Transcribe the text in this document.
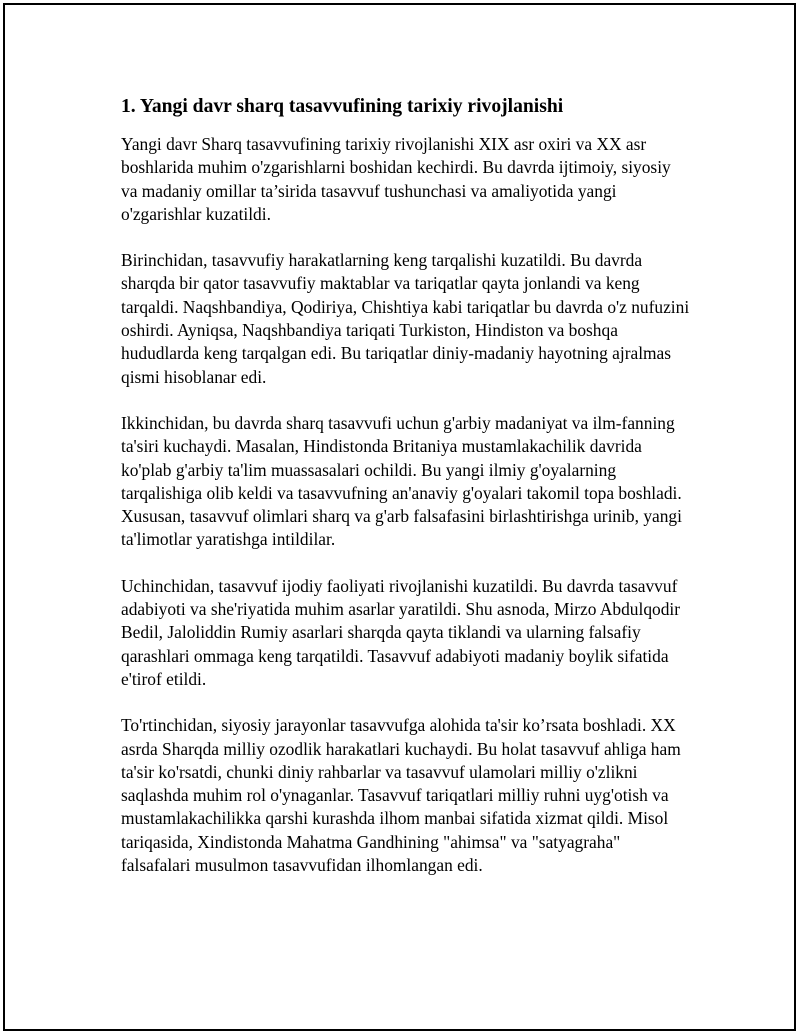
1. Yangi davr sharq tasavvufining tarixiy rivojlanishi

Yangi davr Sharq tasavvufining tarixiy rivojlanishi XIX asr oxiri va XX asr boshlarida muhim o'zgarishlarni boshidan kechirdi. Bu davrda ijtimoiy, siyosiy va madaniy omillar ta’sirida tasavvuf tushunchasi va amaliyotida yangi o'zgarishlar kuzatildi.

Birinchidan, tasavvufiy harakatlarning keng tarqalishi kuzatildi. Bu davrda sharqda bir qator tasavvufiy maktablar va tariqatlar qayta jonlandi va keng tarqaldi. Naqshbandiya, Qodiriya, Chishtiya kabi tariqatlar bu davrda o'z nufuzini oshirdi. Ayniqsa, Naqshbandiya tariqati Turkiston, Hindiston va boshqa hududlarda keng tarqalgan edi. Bu tariqatlar diniy-madaniy hayotning ajralmas qismi hisoblanar edi.

Ikkinchidan, bu davrda sharq tasavvufi uchun g'arbiy madaniyat va ilm-fanning ta'siri kuchaydi. Masalan, Hindistonda Britaniya mustamlakachilik davrida ko'plab g'arbiy ta'lim muassasalari ochildi. Bu yangi ilmiy g'oyalarning tarqalishiga olib keldi va tasavvufning an'anaviy g'oyalari takomil topa boshladi. Xususan, tasavvuf olimlari sharq va g'arb falsafasini birlashtirishga urinib, yangi ta'limotlar yaratishga intildilar.

Uchinchidan, tasavvuf ijodiy faoliyati rivojlanishi kuzatildi. Bu davrda tasavvuf adabiyoti va she'riyatida muhim asarlar yaratildi. Shu asnoda, Mirzo Abdulqodir Bedil, Jaloliddin Rumiy asarlari sharqda qayta tiklandi va ularning falsafiy qarashlari ommaga keng tarqatildi. Tasavvuf adabiyoti madaniy boylik sifatida e'tirof etildi.

To'rtinchidan, siyosiy jarayonlar tasavvufga alohida ta'sir ko’rsata boshladi. XX asrda Sharqda milliy ozodlik harakatlari kuchaydi. Bu holat tasavvuf ahliga ham ta'sir ko'rsatdi, chunki diniy rahbarlar va tasavvuf ulamolari milliy o'zlikni saqlashda muhim rol o'ynaganlar. Tasavvuf tariqatlari milliy ruhni uyg'otish va mustamlakachilikka qarshi kurashda ilhom manbai sifatida xizmat qildi. Misol tariqasida, Xindistonda Mahatma Gandhining "ahimsa" va "satyagraha" falsafalari musulmon tasavvufidan ilhomlangan edi.
